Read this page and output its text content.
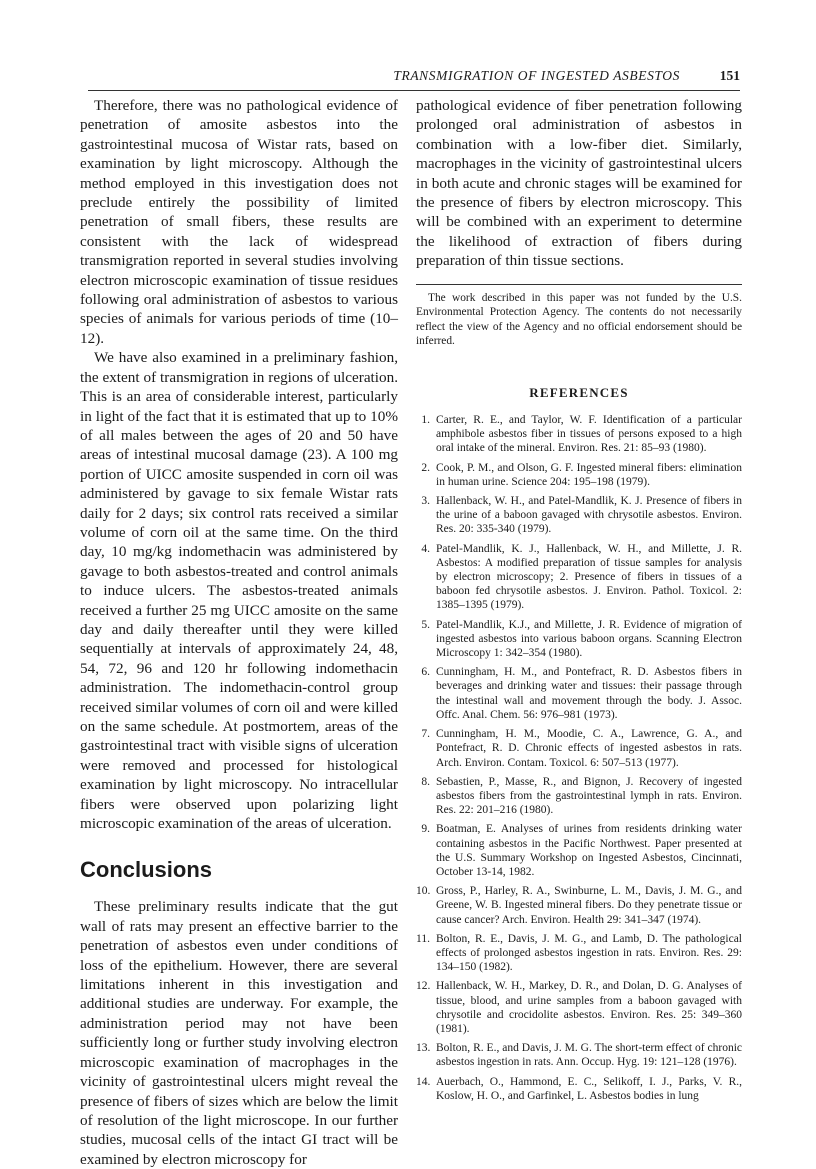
TRANSMIGRATION OF INGESTED ASBESTOS	151

Therefore, there was no pathological evidence of penetration of amosite asbestos into the gastrointestinal mucosa of Wistar rats, based on examination by light microscopy. Although the method employed in this investigation does not preclude entirely the possibility of limited penetration of small fibers, these results are consistent with the lack of widespread transmigration reported in several studies involving electron microscopic examination of tissue residues following oral administration of asbestos to various species of animals for various periods of time (10–12).

We have also examined in a preliminary fashion, the extent of transmigration in regions of ulceration. This is an area of considerable interest, particularly in light of the fact that it is estimated that up to 10% of all males between the ages of 20 and 50 have areas of intestinal mucosal damage (23). A 100 mg portion of UICC amosite suspended in corn oil was administered by gavage to six female Wistar rats daily for 2 days; six control rats received a similar volume of corn oil at the same time. On the third day, 10 mg/kg indomethacin was administered by gavage to both asbestos-treated and control animals to induce ulcers. The asbestos-treated animals received a further 25 mg UICC amosite on the same day and daily thereafter until they were killed sequentially at intervals of approximately 24, 48, 54, 72, 96 and 120 hr following indomethacin administration. The indomethacin-control group received similar volumes of corn oil and were killed on the same schedule. At postmortem, areas of the gastrointestinal tract with visible signs of ulceration were removed and processed for histological examination by light microscopy. No intracellular fibers were observed upon polarizing light microscopic examination of the areas of ulceration.

Conclusions

These preliminary results indicate that the gut wall of rats may present an effective barrier to the penetration of asbestos even under conditions of loss of the epithelium. However, there are several limitations inherent in this investigation and additional studies are underway. For example, the administration period may not have been sufficiently long or further study involving electron microscopic examination of macrophages in the vicinity of gastrointestinal ulcers might reveal the presence of fibers of sizes which are below the limit of resolution of the light microscope. In our further studies, mucosal cells of the intact GI tract will be examined by electron microscopy for

pathological evidence of fiber penetration following prolonged oral administration of asbestos in combination with a low-fiber diet. Similarly, macrophages in the vicinity of gastrointestinal ulcers in both acute and chronic stages will be examined for the presence of fibers by electron microscopy. This will be combined with an experiment to determine the likelihood of extraction of fibers during preparation of thin tissue sections.

The work described in this paper was not funded by the U.S. Environmental Protection Agency. The contents do not necessarily reflect the view of the Agency and no official endorsement should be inferred.

REFERENCES
1. Carter, R. E., and Taylor, W. F. Identification of a particular amphibole asbestos fiber in tissues of persons exposed to a high oral intake of the mineral. Environ. Res. 21: 85–93 (1980).
2. Cook, P. M., and Olson, G. F. Ingested mineral fibers: elimination in human urine. Science 204: 195–198 (1979).
3. Hallenback, W. H., and Patel-Mandlik, K. J. Presence of fibers in the urine of a baboon gavaged with chrysotile asbestos. Environ. Res. 20: 335-340 (1979).
4. Patel-Mandlik, K. J., Hallenback, W. H., and Millette, J. R. Asbestos: A modified preparation of tissue samples for analysis by electron microscopy; 2. Presence of fibers in tissues of a baboon fed chrysotile asbestos. J. Environ. Pathol. Toxicol. 2: 1385–1395 (1979).
5. Patel-Mandlik, K.J., and Millette, J. R. Evidence of migration of ingested asbestos into various baboon organs. Scanning Electron Microscopy 1: 342–354 (1980).
6. Cunningham, H. M., and Pontefract, R. D. Asbestos fibers in beverages and drinking water and tissues: their passage through the intestinal wall and movement through the body. J. Assoc. Offc. Anal. Chem. 56: 976–981 (1973).
7. Cunningham, H. M., Moodie, C. A., Lawrence, G. A., and Pontefract, R. D. Chronic effects of ingested asbestos in rats. Arch. Environ. Contam. Toxicol. 6: 507–513 (1977).
8. Sebastien, P., Masse, R., and Bignon, J. Recovery of ingested asbestos fibers from the gastrointestinal lymph in rats. Environ. Res. 22: 201–216 (1980).
9. Boatman, E. Analyses of urines from residents drinking water containing asbestos in the Pacific Northwest. Paper presented at the U.S. Summary Workshop on Ingested Asbestos, Cincinnati, October 13-14, 1982.
10. Gross, P., Harley, R. A., Swinburne, L. M., Davis, J. M. G., and Greene, W. B. Ingested mineral fibers. Do they penetrate tissue or cause cancer? Arch. Environ. Health 29: 341–347 (1974).
11. Bolton, R. E., Davis, J. M. G., and Lamb, D. The pathological effects of prolonged asbestos ingestion in rats. Environ. Res. 29: 134–150 (1982).
12. Hallenback, W. H., Markey, D. R., and Dolan, D. G. Analyses of tissue, blood, and urine samples from a baboon gavaged with chrysotile and crocidolite asbestos. Environ. Res. 25: 349–360 (1981).
13. Bolton, R. E., and Davis, J. M. G. The short-term effect of chronic asbestos ingestion in rats. Ann. Occup. Hyg. 19: 121–128 (1976).
14. Auerbach, O., Hammond, E. C., Selikoff, I. J., Parks, V. R., Koslow, H. O., and Garfinkel, L. Asbestos bodies in lung
